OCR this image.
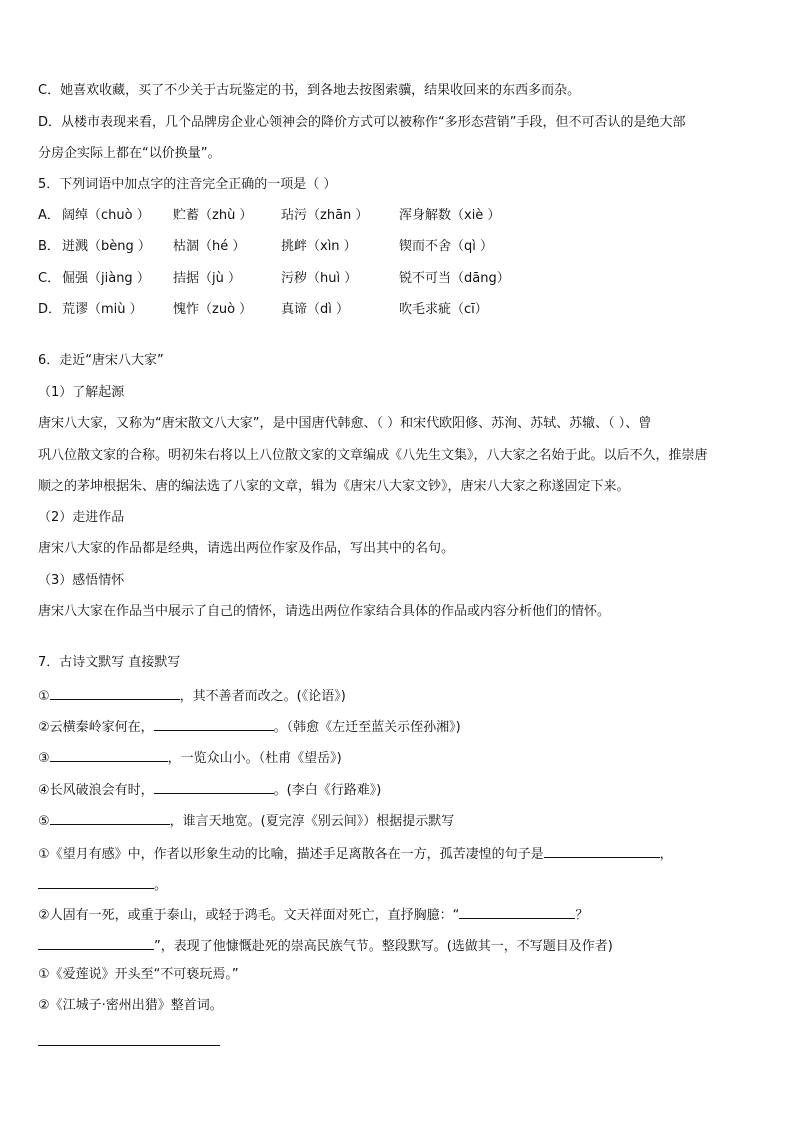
C．她喜欢收藏，买了不少关于古玩鉴定的书，到各地去按图索骥，结果收回来的东西多而杂。
D．从楼市表现来看，几个品牌房企业心领神会的降价方式可以被称作“多形态营销”手段，但不可否认的是绝大部
分房企实际上都在“以价换量”。
5．下列词语中加点字的注音完全正确的一项是（ ）
A． 阔绰（chuò ） 贮蓄（zhù ） 玷污（zhān ） 浑身解数（xiè ）
B． 迸溅（bèng ） 枯涸（hé ）	挑衅（xìn ）	锲而不舍（qì ）
C． 倔强（jiàng ） 拮据（jù ）	污秽（huì ）	锐不可当（dāng）
D． 荒谬（miù ） 愧怍（zuò ） 真谛（dì ）	吹毛求疵（cī）
6．走近“唐宋八大家”
（1）了解起源
唐宋八大家，又称为“唐宋散文八大家”，是中国唐代韩愈、（ ）和宋代欧阳修、苏洵、苏轼、苏辙、（ ）、曾
巩八位散文家的合称。明初朱右将以上八位散文家的文章编成《八先生文集》，八大家之名始于此。以后不久，推崇唐
顺之的茅坤根据朱、唐的编法选了八家的文章，辑为《唐宋八大家文钞》，唐宋八大家之称遂固定下来。
（2）走进作品
唐宋八大家的作品都是经典，请选出两位作家及作品，写出其中的名句。
（3）感悟情怀
唐宋八大家在作品当中展示了自己的情怀，请选出两位作家结合具体的作品或内容分析他们的情怀。
7．古诗文默写 直接默写
①	，其不善者而改之。(《论语》)
②云横秦岭家何在，	。（韩愈《左迁至蓝关示侄孙湘》)
③	，一览众山小。（杜甫《望岳》)
④长风破浪会有时，	。(李白《行路难》)
⑤	，谁言天地宽。(夏完淳《别云间》）根据提示默写
①《望月有感》中，作者以形象生动的比喻，描述手足离散各在一方，孤苦凄惶的句子是	，
。
②人固有一死，或重于泰山，或轻于鸿毛。文天祥面对死亡，直抒胸臆：“	？
”，表现了他慷慨赴死的崇高民族气节。整段默写。(选做其一，不写题目及作者)
①《爱莲说》开头至“不可亵玩焉。”
②《江城子·密州出猎》整首词。
